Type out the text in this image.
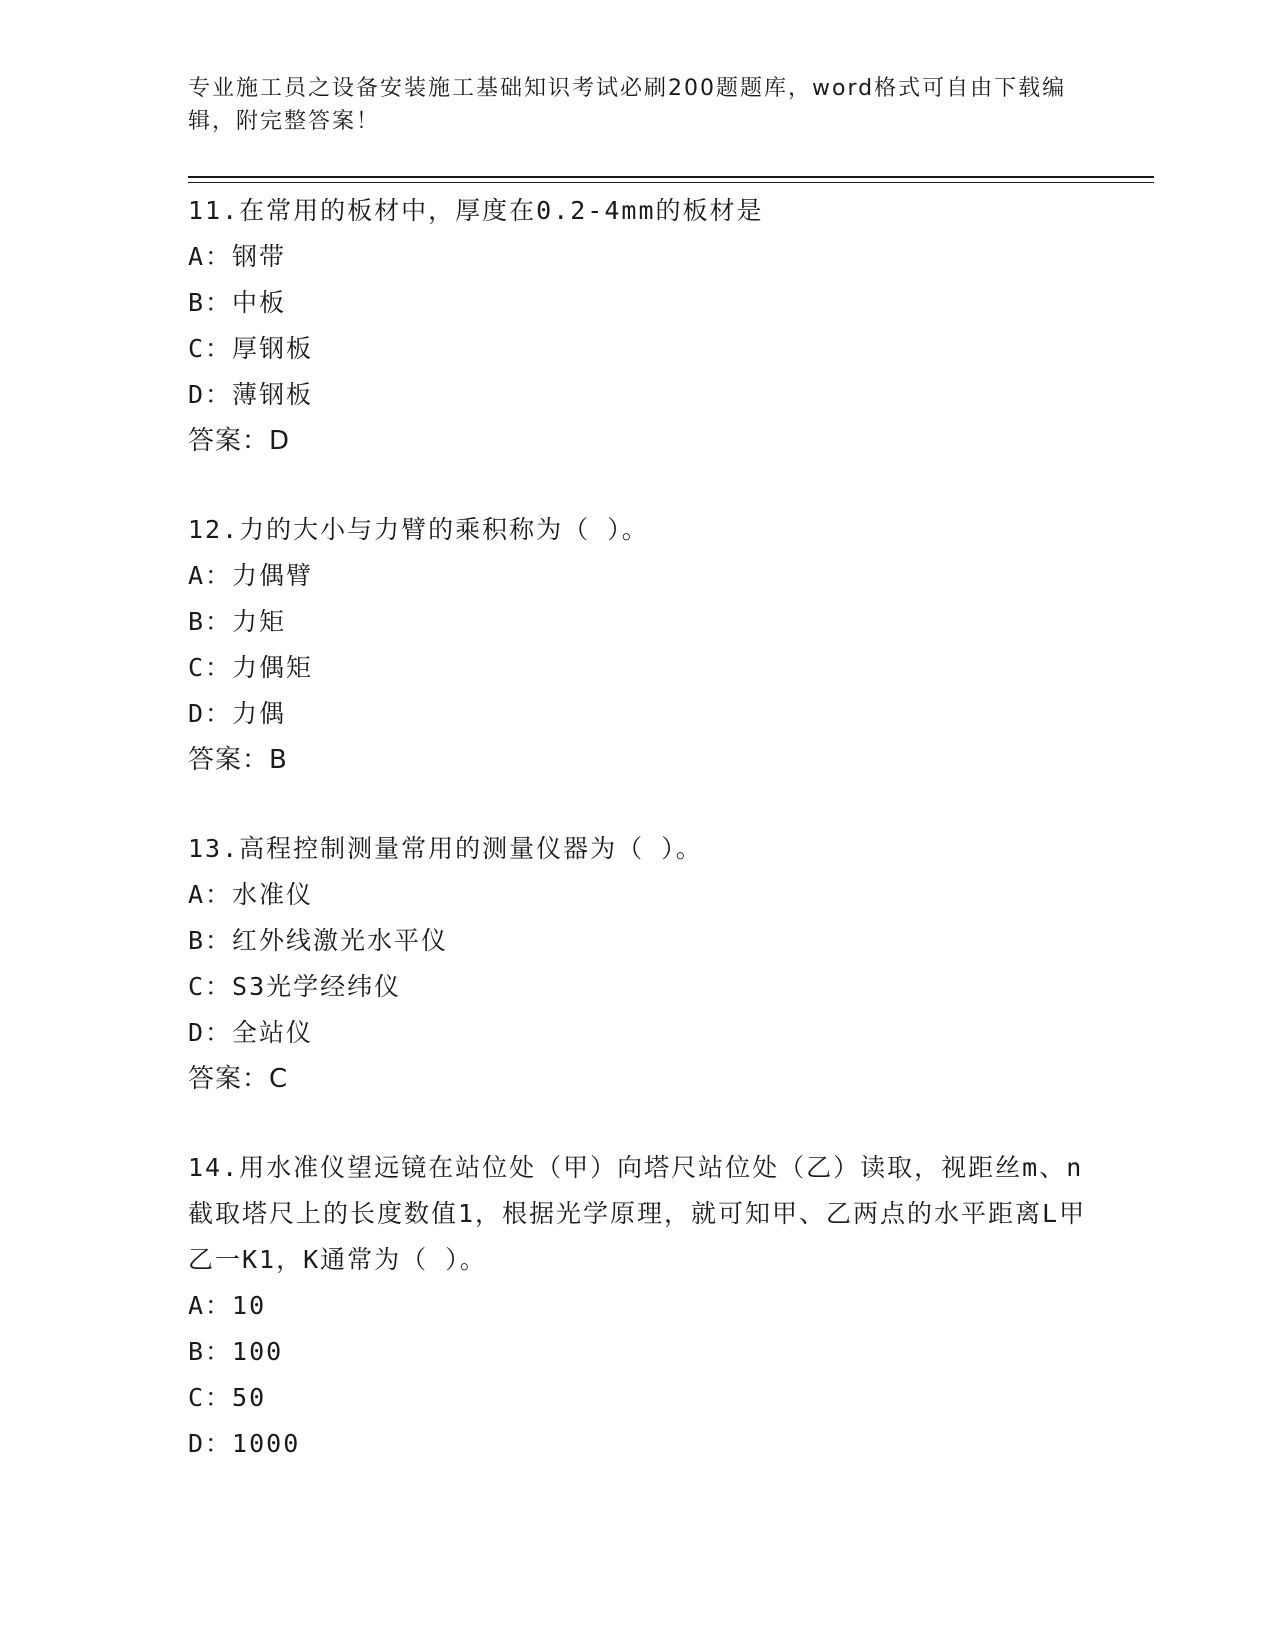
专业施工员之设备安装施工基础知识考试必刷200题题库，word格式可自由下载编辑，附完整答案！
11.在常用的板材中，厚度在0.2-4mm的板材是
A：钢带
B：中板
C：厚钢板
D：薄钢板
答案：D
12.力的大小与力臂的乘积称为（ ）。
A：力偶臂
B：力矩
C：力偶矩
D：力偶
答案：B
13.高程控制测量常用的测量仪器为（ ）。
A：水准仪
B：红外线激光水平仪
C：S3光学经纬仪
D：全站仪
答案：C
14.用水准仪望远镜在站位处（甲）向塔尺站位处（乙）读取，视距丝m、n截取塔尺上的长度数值1，根据光学原理，就可知甲、乙两点的水平距离L甲乙一K1，K通常为（ ）。
A：10
B：100
C：50
D：1000
